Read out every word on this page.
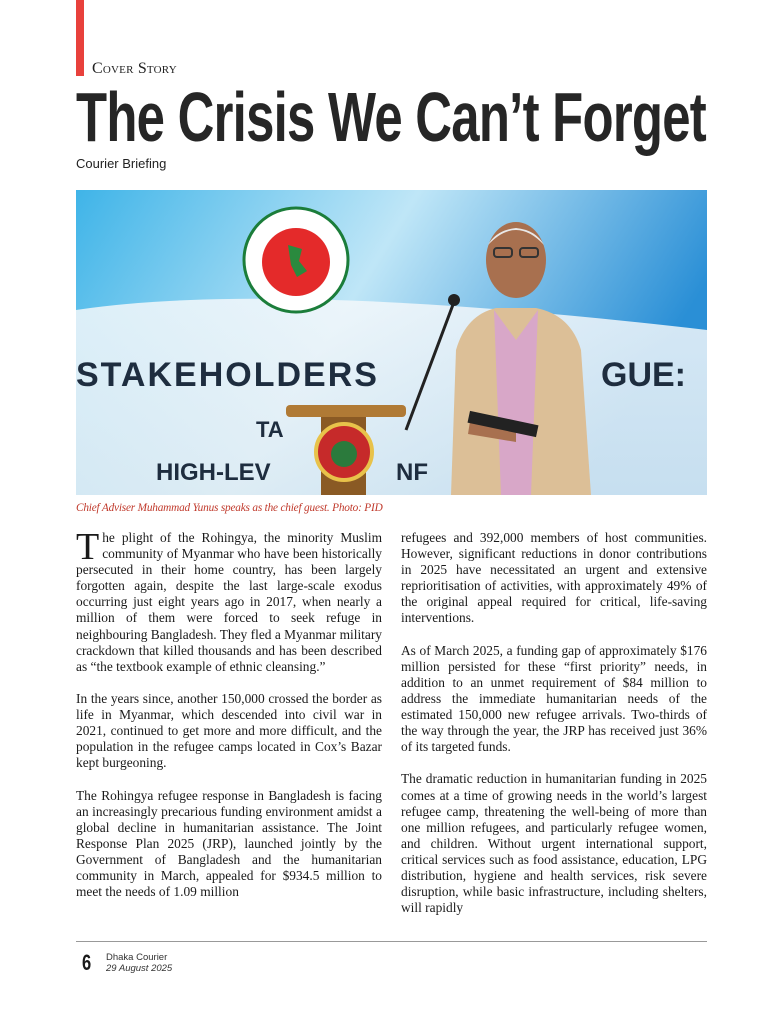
Cover Story
The Crisis We Can’t Forget
Courier Briefing
STAKEHOLDERS	GUE:
TA
HIGH-LEV	NF
Chief Adviser Muhammad Yunus speaks as the chief guest. Photo: PID

The plight of the Rohingya, the minority Muslim community of Myanmar who have been historically persecuted in their home country, has been largely forgotten again, despite the last large-scale exodus occurring just eight years ago in 2017, when nearly a million of them were forced to seek refuge in neighbouring Bangladesh. They fled a Myanmar military crackdown that killed thousands and has been described as “the textbook example of ethnic cleansing.”

In the years since, another 150,000 crossed the border as life in Myanmar, which descended into civil war in 2021, continued to get more and more difficult, and the population in the refugee camps located in Cox’s Bazar kept burgeoning.

The Rohingya refugee response in Bangladesh is facing an increasingly precarious funding environment amidst a global decline in humanitarian assistance. The Joint Response Plan 2025 (JRP), launched jointly by the Government of Bangladesh and the humanitarian community in March, appealed for $934.5 million to meet the needs of 1.09 million

refugees and 392,000 members of host communities. However, significant reductions in donor contributions in 2025 have necessitated an urgent and extensive reprioritisation of activities, with approximately 49% of the original appeal required for critical, life-saving interventions.

As of March 2025, a funding gap of approximately $176 million persisted for these “first priority” needs, in addition to an unmet requirement of $84 million to address the immediate humanitarian needs of the estimated 150,000 new refugee arrivals. Two-thirds of the way through the year, the JRP has received just 36% of its targeted funds.

The dramatic reduction in humanitarian funding in 2025 comes at a time of growing needs in the world’s largest refugee camp, threatening the well-being of more than one million refugees, and particularly refugee women, and children. Without urgent international support, critical services such as food assistance, education, LPG distribution, hygiene and health services, risk severe disruption, while basic infrastructure, including shelters, will rapidly

6 Dhaka Courier
29 August 2025
